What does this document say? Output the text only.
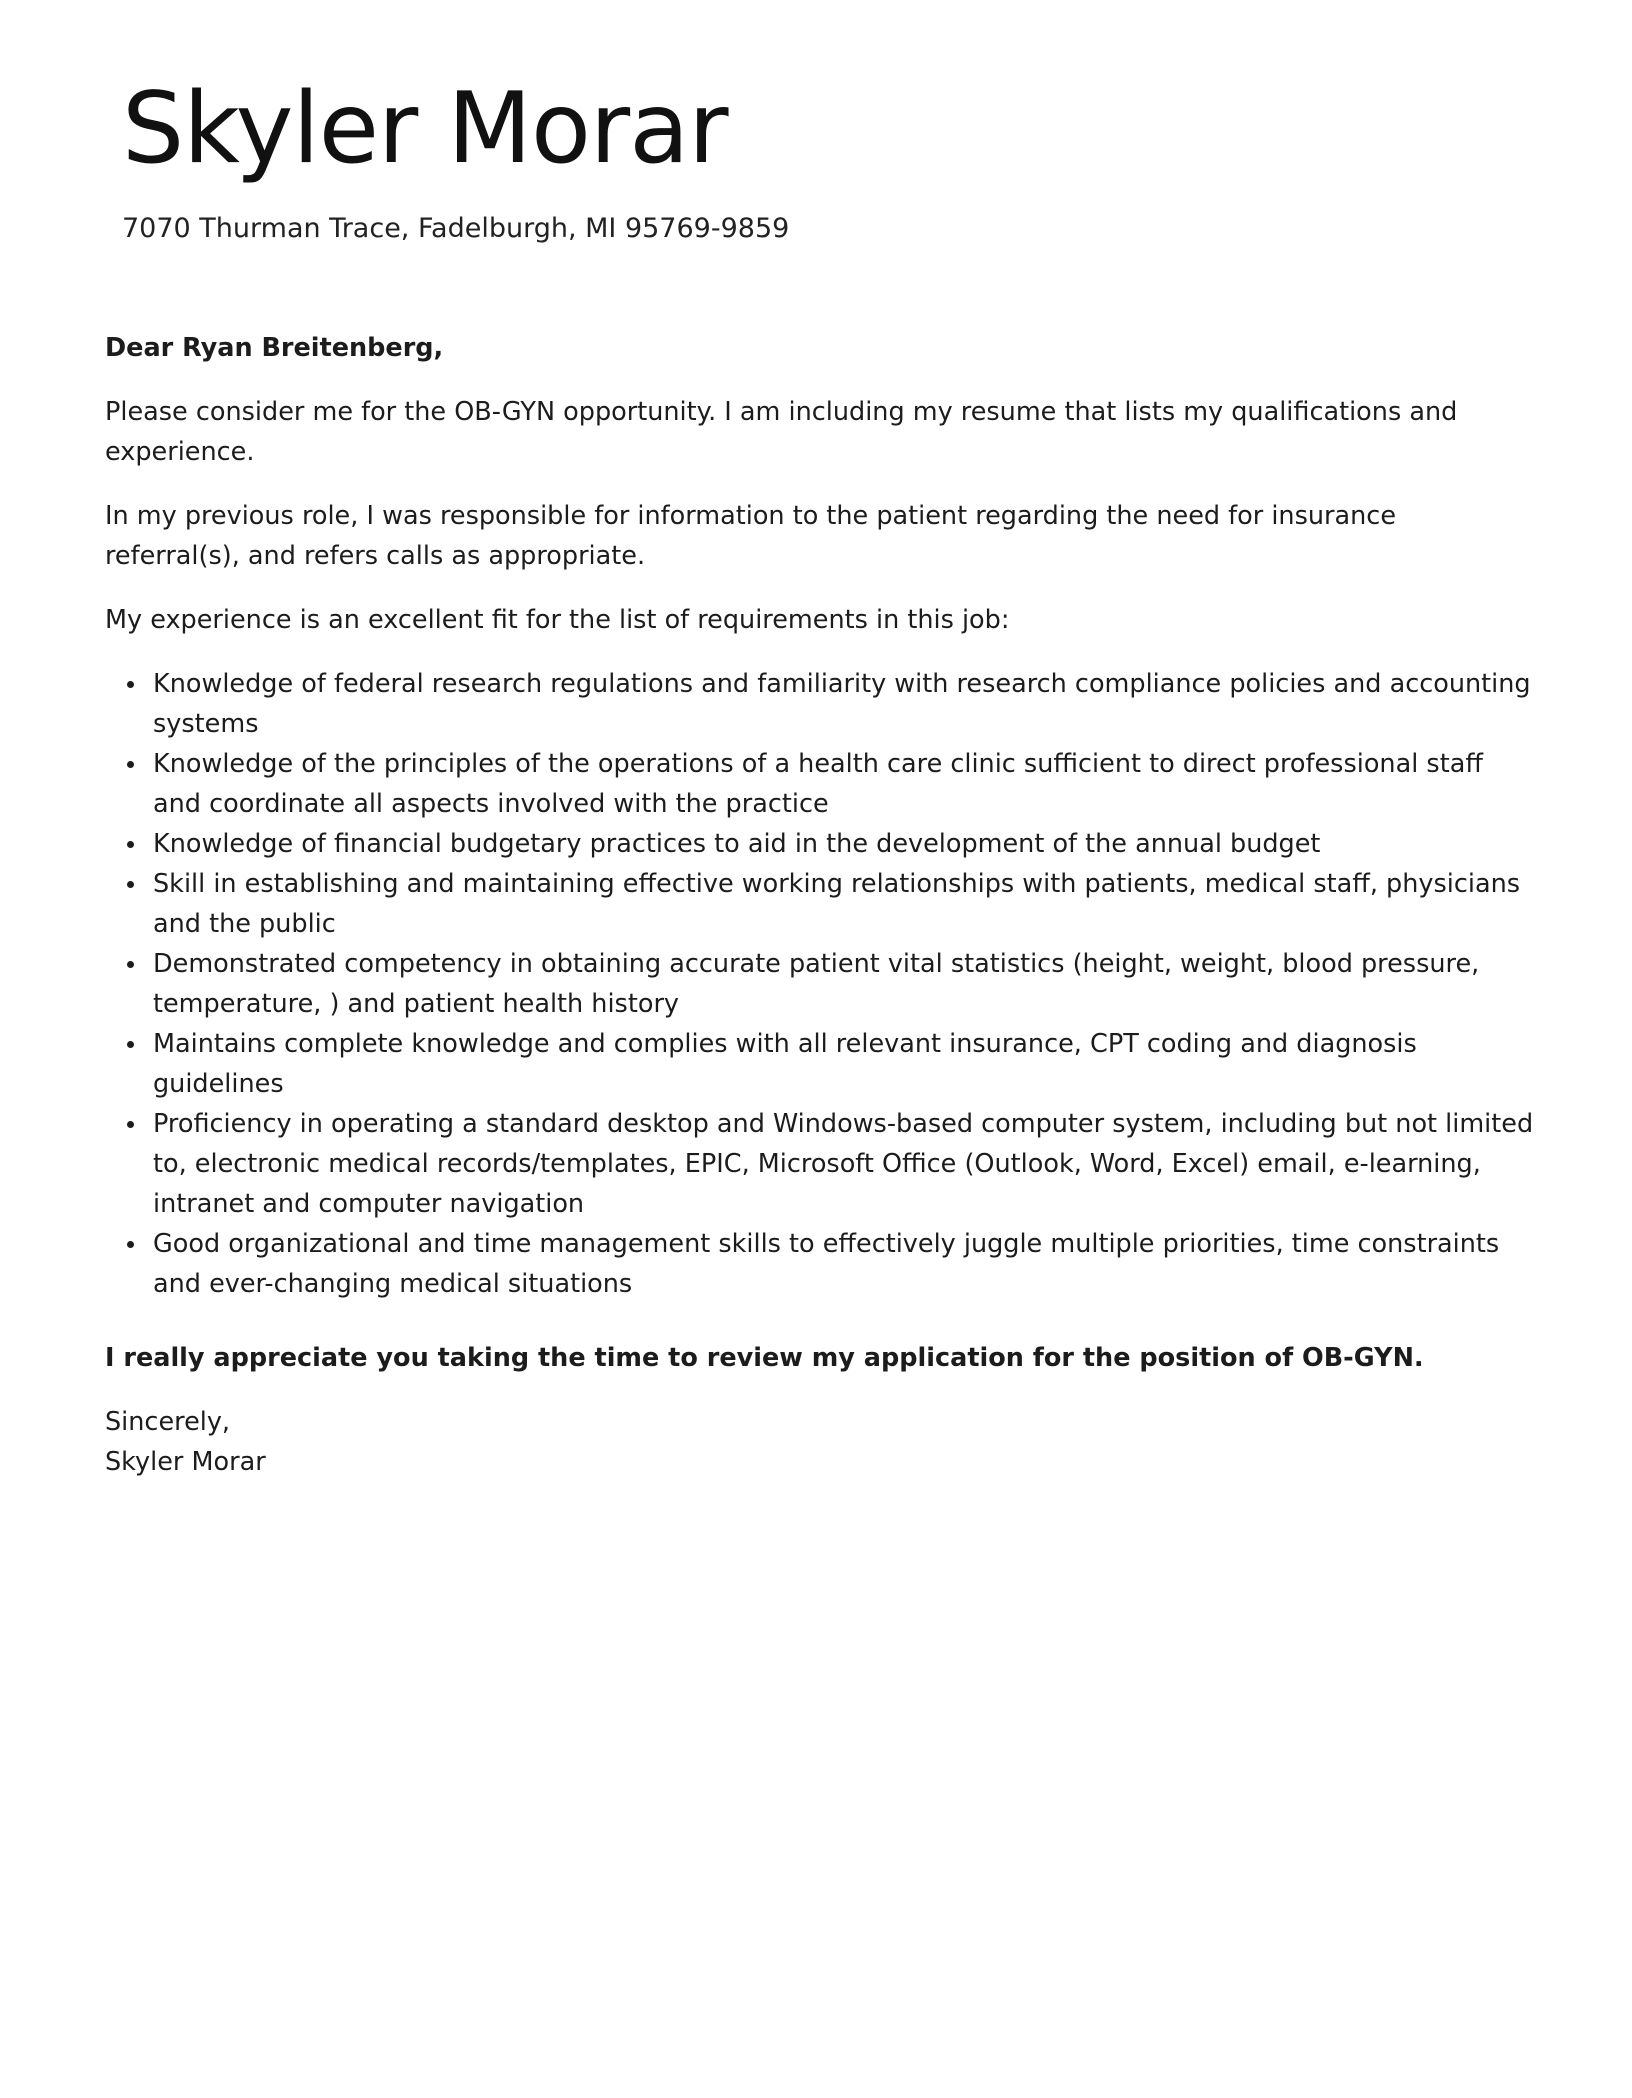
Skyler Morar
7070 Thurman Trace, Fadelburgh, MI 95769-9859

Dear Ryan Breitenberg,

Please consider me for the OB-GYN opportunity. I am including my resume that lists my qualifications and experience.

In my previous role, I was responsible for information to the patient regarding the need for insurance referral(s), and refers calls as appropriate.

My experience is an excellent fit for the list of requirements in this job:

Knowledge of federal research regulations and familiarity with research compliance policies and accounting systems
Knowledge of the principles of the operations of a health care clinic sufficient to direct professional staff and coordinate all aspects involved with the practice
Knowledge of financial budgetary practices to aid in the development of the annual budget
Skill in establishing and maintaining effective working relationships with patients, medical staff, physicians and the public
Demonstrated competency in obtaining accurate patient vital statistics (height, weight, blood pressure, temperature, ) and patient health history
Maintains complete knowledge and complies with all relevant insurance, CPT coding and diagnosis guidelines
Proficiency in operating a standard desktop and Windows-based computer system, including but not limited to, electronic medical records/templates, EPIC, Microsoft Office (Outlook, Word, Excel) email, e-learning, intranet and computer navigation
Good organizational and time management skills to effectively juggle multiple priorities, time constraints and ever-changing medical situations

I really appreciate you taking the time to review my application for the position of OB-GYN.

Sincerely,
Skyler Morar
